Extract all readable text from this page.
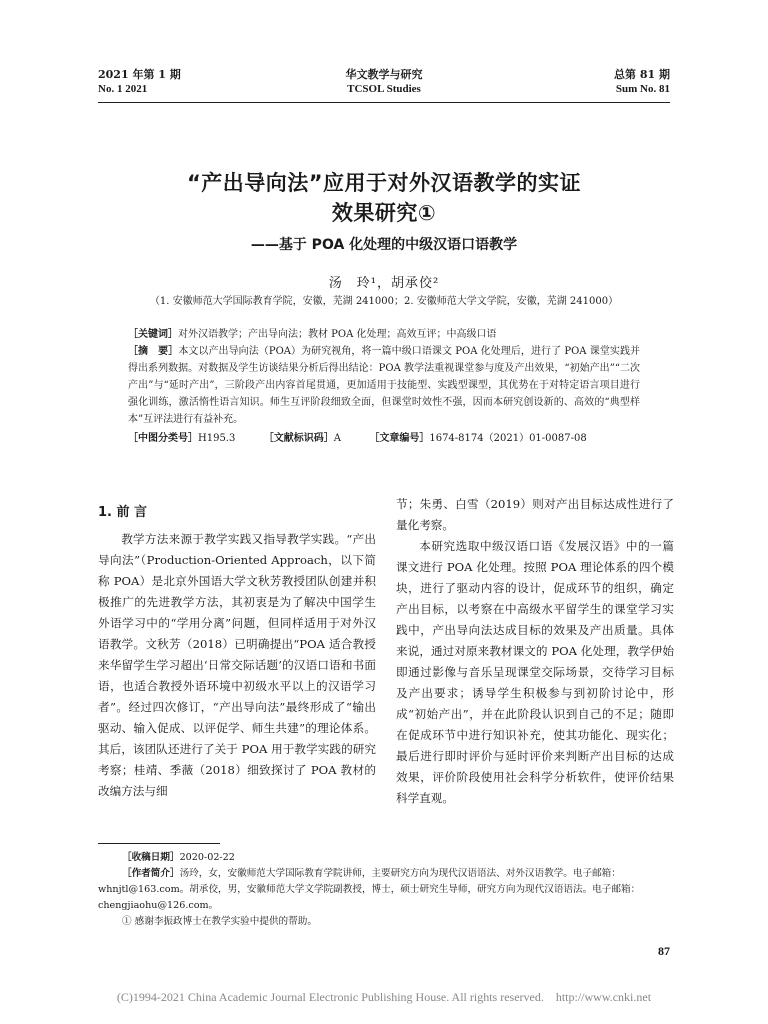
2021 年第 1 期
No. 1 2021
华文教学与研究
TCSOL Studies
总第 81 期
Sum No. 81
“产出导向法”应用于对外汉语教学的实证
效果研究①
——基于 POA 化处理的中级汉语口语教学
汤　玲¹，胡承佼²
（1. 安徽师范大学国际教育学院，安徽，芜湖 241000；2. 安徽师范大学文学院，安徽，芜湖 241000）

［关键词］对外汉语教学；产出导向法；教材 POA 化处理；高效互评；中高级口语

［摘　要］本文以产出导向法（POA）为研究视角，将一篇中级口语课文 POA 化处理后，进行了 POA 课堂实践并得出系列数据。对数据及学生访谈结果分析后得出结论：POA 教学法重视课堂参与度及产出效果，“初始产出”“二次产出”与“延时产出”，三阶段产出内容首尾贯通，更加适用于技能型、实践型课型，其优势在于对特定语言项目进行强化训练，激活惰性语言知识。师生互评阶段细致全面，但课堂时效性不强，因而本研究创设新的、高效的“典型样本”互评法进行有益补充。

［中图分类号］H195.3	［文献标识码］A	［文章编号］1674-8174（2021）01-0087-08

1. 前 言

教学方法来源于教学实践又指导教学实践。“产出导向法”（Production-Oriented Approach，以下简称 POA）是北京外国语大学文秋芳教授团队创建并积极推广的先进教学方法，其初衷是为了解决中国学生外语学习中的“学用分离”问题，但同样适用于对外汉语教学。文秋芳（2018）已明确提出“POA 适合教授来华留学生学习超出‘日常交际话题’的汉语口语和书面语，也适合教授外语环境中初级水平以上的汉语学习者”。经过四次修订，“产出导向法”最终形成了“输出驱动、输入促成、以评促学、师生共建”的理论体系。其后，该团队还进行了关于 POA 用于教学实践的研究考察；桂靖、季薇（2018）细致探讨了 POA 教材的改编方法与细

节；朱勇、白雪（2019）则对产出目标达成性进行了量化考察。

本研究选取中级汉语口语《发展汉语》中的一篇课文进行 POA 化处理。按照 POA 理论体系的四个模块，进行了驱动内容的设计，促成环节的组织，确定产出目标，以考察在中高级水平留学生的课堂学习实践中，产出导向法达成目标的效果及产出质量。具体来说，通过对原来教材课文的 POA 化处理，教学伊始即通过影像与音乐呈现课堂交际场景，交待学习目标及产出要求；诱导学生积极参与到初阶讨论中，形成“初始产出”，并在此阶段认识到自己的不足；随即在促成环节中进行知识补充，使其功能化、现实化；最后进行即时评价与延时评价来判断产出目标的达成效果，评价阶段使用社会科学分析软件，使评价结果科学直观。

［收稿日期］2020-02-22

［作者简介］汤玲，女，安徽师范大学国际教育学院讲师，主要研究方向为现代汉语语法、对外汉语教学。电子邮箱：whnjtl@163.com。胡承佼，男，安徽师范大学文学院副教授，博士，硕士研究生导师，研究方向为现代汉语语法。电子邮箱：chengjiaohu@126.com。

① 感谢李振政博士在教学实验中提供的帮助。

87
(C)1994-2021 China Academic Journal Electronic Publishing House. All rights reserved.　http://www.cnki.net
